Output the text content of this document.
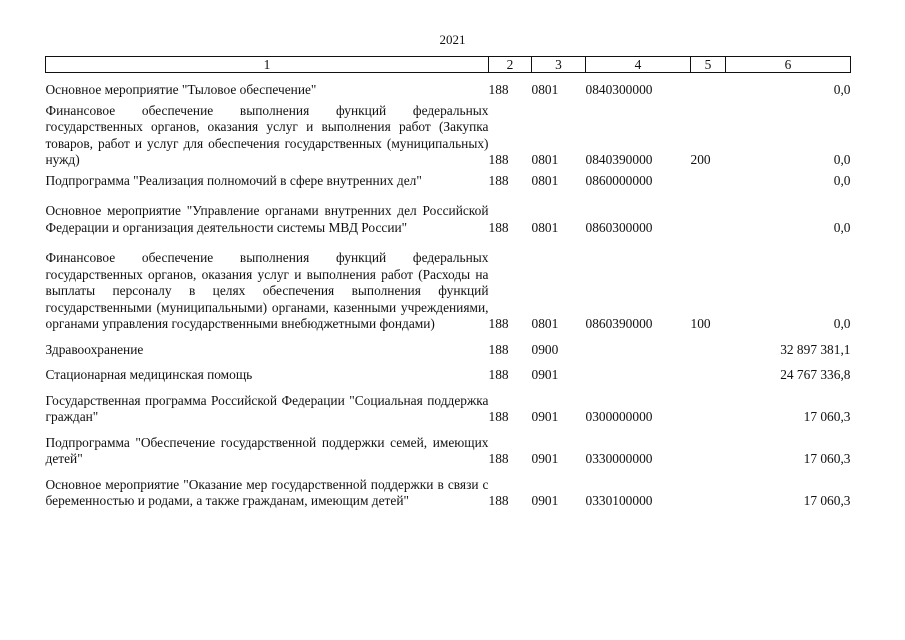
2021
1	2	3	4	5	6
Основное мероприятие "Тыловое обеспечение"	188	0801	0840300000		0,0
Финансовое обеспечение выполнения функций федеральных государственных органов, оказания услуг и выполнения работ (Закупка товаров, работ и услуг для обеспечения государственных (муниципальных) нужд)	188	0801	0840390000	200	0,0
Подпрограмма "Реализация полномочий в сфере внутренних дел"	188	0801	0860000000		0,0
Основное мероприятие "Управление органами внутренних дел Российской Федерации и организация деятельности системы МВД России"	188	0801	0860300000		0,0
Финансовое обеспечение выполнения функций федеральных государственных органов, оказания услуг и выполнения работ (Расходы на выплаты персоналу в целях обеспечения выполнения функций государственными (муниципальными) органами, казенными учреждениями, органами управления государственными внебюджетными фондами)	188	0801	0860390000	100	0,0
Здравоохранение	188	0900			32 897 381,1
Стационарная медицинская помощь	188	0901			24 767 336,8
Государственная программа Российской Федерации "Социальная поддержка граждан"	188	0901	0300000000		17 060,3
Подпрограмма "Обеспечение государственной поддержки семей, имеющих детей"	188	0901	0330000000		17 060,3
Основное мероприятие "Оказание мер государственной поддержки в связи с беременностью и родами, а также гражданам, имеющим детей"	188	0901	0330100000		17 060,3
